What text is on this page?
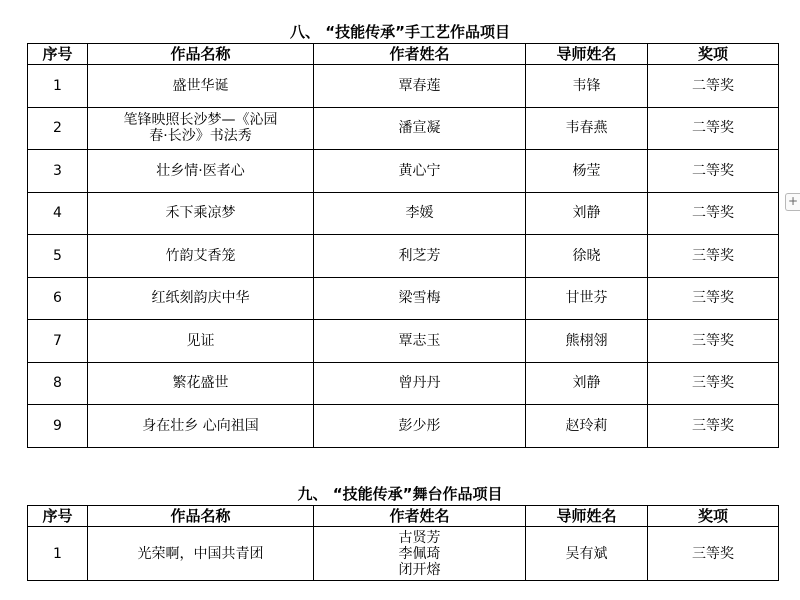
八、 “技能传承”手工艺作品项目
序号	作品名称	作者姓名	导师姓名	奖项
1	盛世华诞	覃春莲	韦锋	二等奖
2	笔锋映照长沙梦—《沁园
春·长沙》书法秀	潘宣凝	韦春燕	二等奖
3	壮乡情·医者心	黄心宁	杨莹	二等奖
4	禾下乘凉梦	李媛	刘静	二等奖
5	竹韵艾香笼	利芝芳	徐晓	三等奖
6	红纸刻韵庆中华	梁雪梅	甘世芬	三等奖
7	见证	覃志玉	熊栩翎	三等奖
8	繁花盛世	曾丹丹	刘静	三等奖
9	身在壮乡 心向祖国	彭少彤	赵玲莉	三等奖
九、 “技能传承”舞台作品项目
序号	作品名称	作者姓名	导师姓名	奖项
1	光荣啊，中国共青团	古贤芳
李佩琦
闭开熔	吴有斌	三等奖
+
